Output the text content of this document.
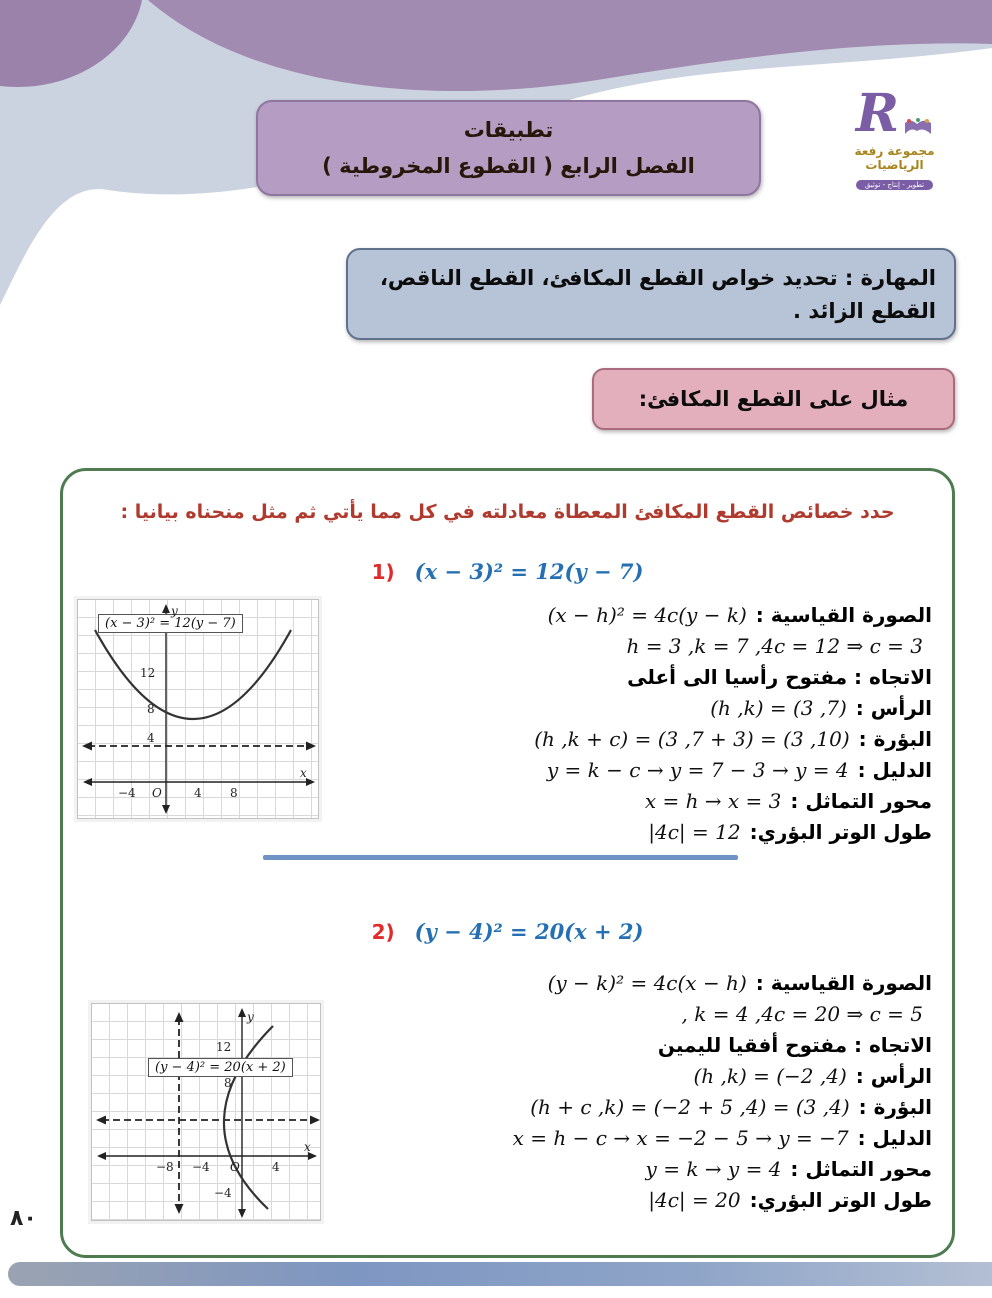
تطبيقات
الفصل الرابع ( القطوع المخروطية )
R
مجموعة رفعة الرياضيات
تطوير - إنتاج - توثيق
المهارة : تحديد خواص القطع المكافئ، القطع الناقص، القطع الزائد .
مثال على القطع المكافئ:
حدد خصائص القطع المكافئ المعطاة معادلته في كل مما يأتي ثم مثل منحناه بيانيا :
1) (x − 3)² = 12(y − 7)
(x − 3)² = 12(y − 7)
y
12
8
4
−4 O	4 8
x
الصورة القياسية :
(x − h)² = 4c(y − k)
h = 3 ,k = 7 ,4c = 12 ⇒ c = 3
الاتجاه : مفتوح رأسيا الى أعلى
الرأس :
(h ,k) = (3 ,7)
البؤرة :
(h ,k + c) = (3 ,7 + 3) = (3 ,10)
الدليل :
y = k − c → y = 7 − 3 → y = 4
محور التماثل :
x = h → x = 3
طول الوتر البؤري:
|4c| = 12
2) (y − 4)² = 20(x + 2)
(y − 4)² = 20(x + 2)
y
12
8
−4
−8 −4 O	4
x
الصورة القياسية :
(y − k)² = 4c(x − h)
, k = 4 ,4c = 20 ⇒ c = 5
الاتجاه : مفتوح أفقيا لليمين
الرأس :
(h ,k) = (−2 ,4)
البؤرة :
(h + c ,k) = (−2 + 5 ,4) = (3 ,4)
الدليل :
x = h − c → x = −2 − 5 → y = −7
محور التماثل :
y = k → y = 4
طول الوتر البؤري:
|4c| = 20
٨٠
